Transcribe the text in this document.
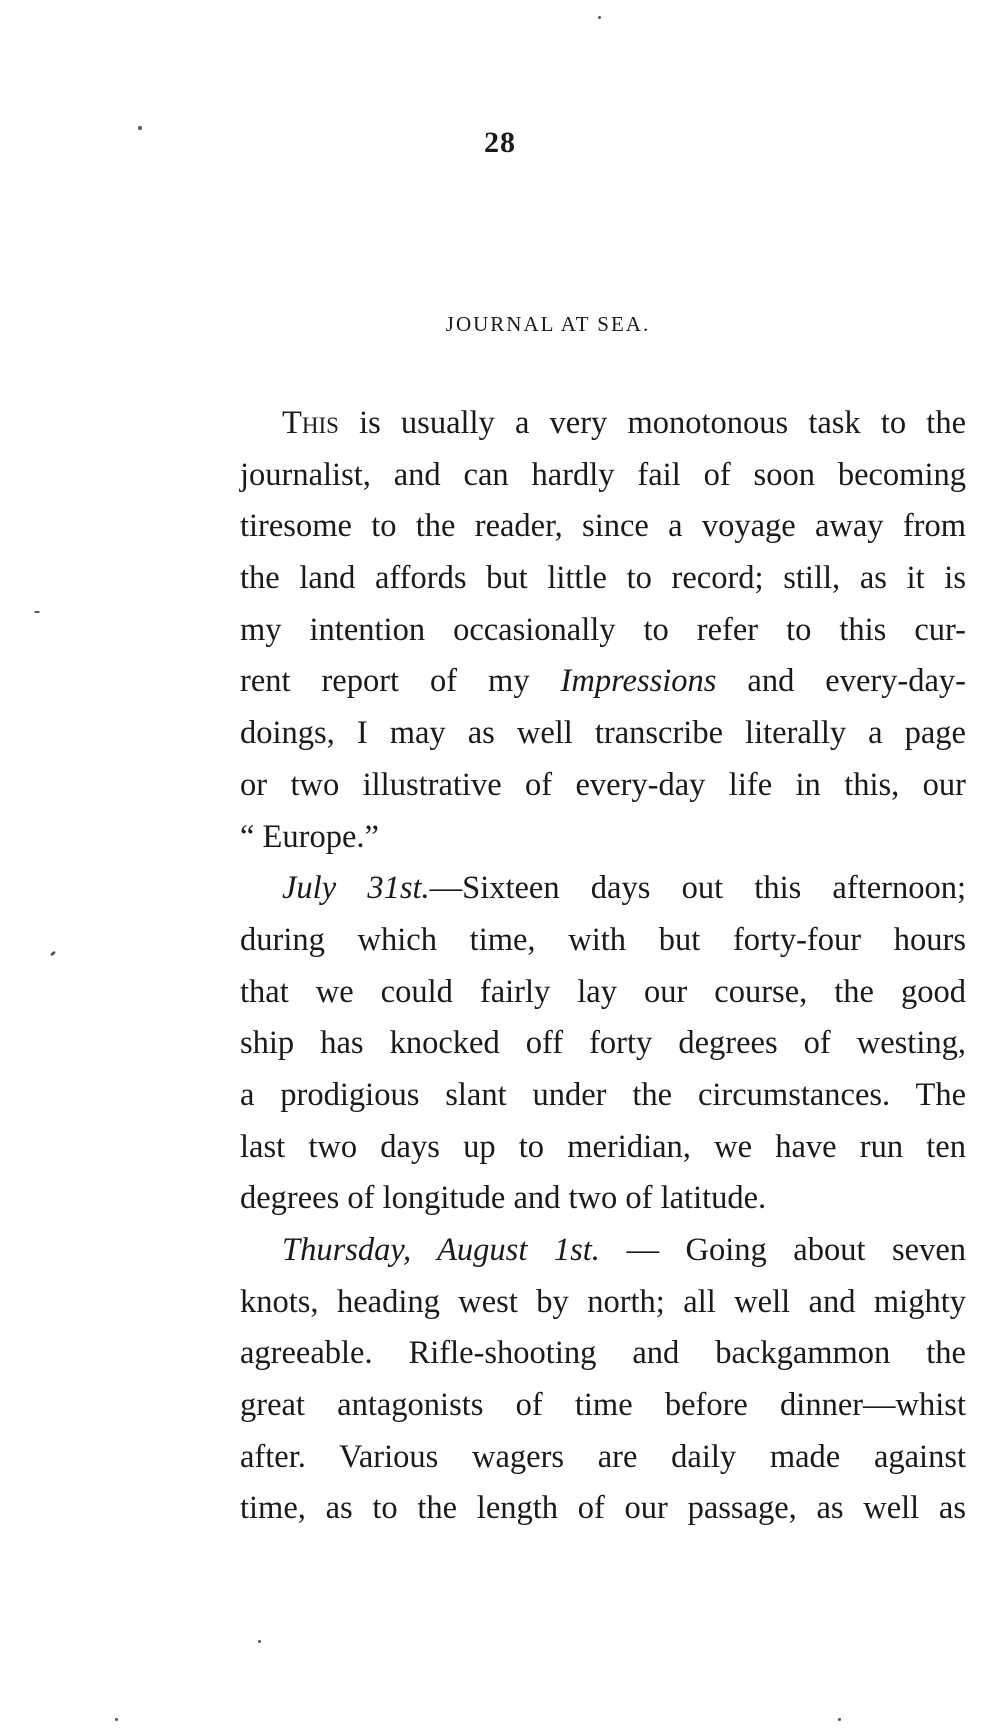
28
JOURNAL AT SEA.
This is usually a very monotonous task to the
journalist, and can hardly fail of soon becoming
tiresome to the reader, since a voyage away from
the land affords but little to record; still, as it is
my intention occasionally to refer to this cur-
rent report of my Impressions and every-day-
doings, I may as well transcribe literally a page
or two illustrative of every-day life in this, our
“ Europe.”
July 31st.—Sixteen days out this afternoon;
during which time, with but forty-four hours
that we could fairly lay our course, the good
ship has knocked off forty degrees of westing,
a prodigious slant under the circumstances. The
last two days up to meridian, we have run ten
degrees of longitude and two of latitude.
Thursday, August 1st. — Going about seven
knots, heading west by north; all well and mighty
agreeable. Rifle-shooting and backgammon the
great antagonists of time before dinner—whist
after. Various wagers are daily made against
time, as to the length of our passage, as well as
